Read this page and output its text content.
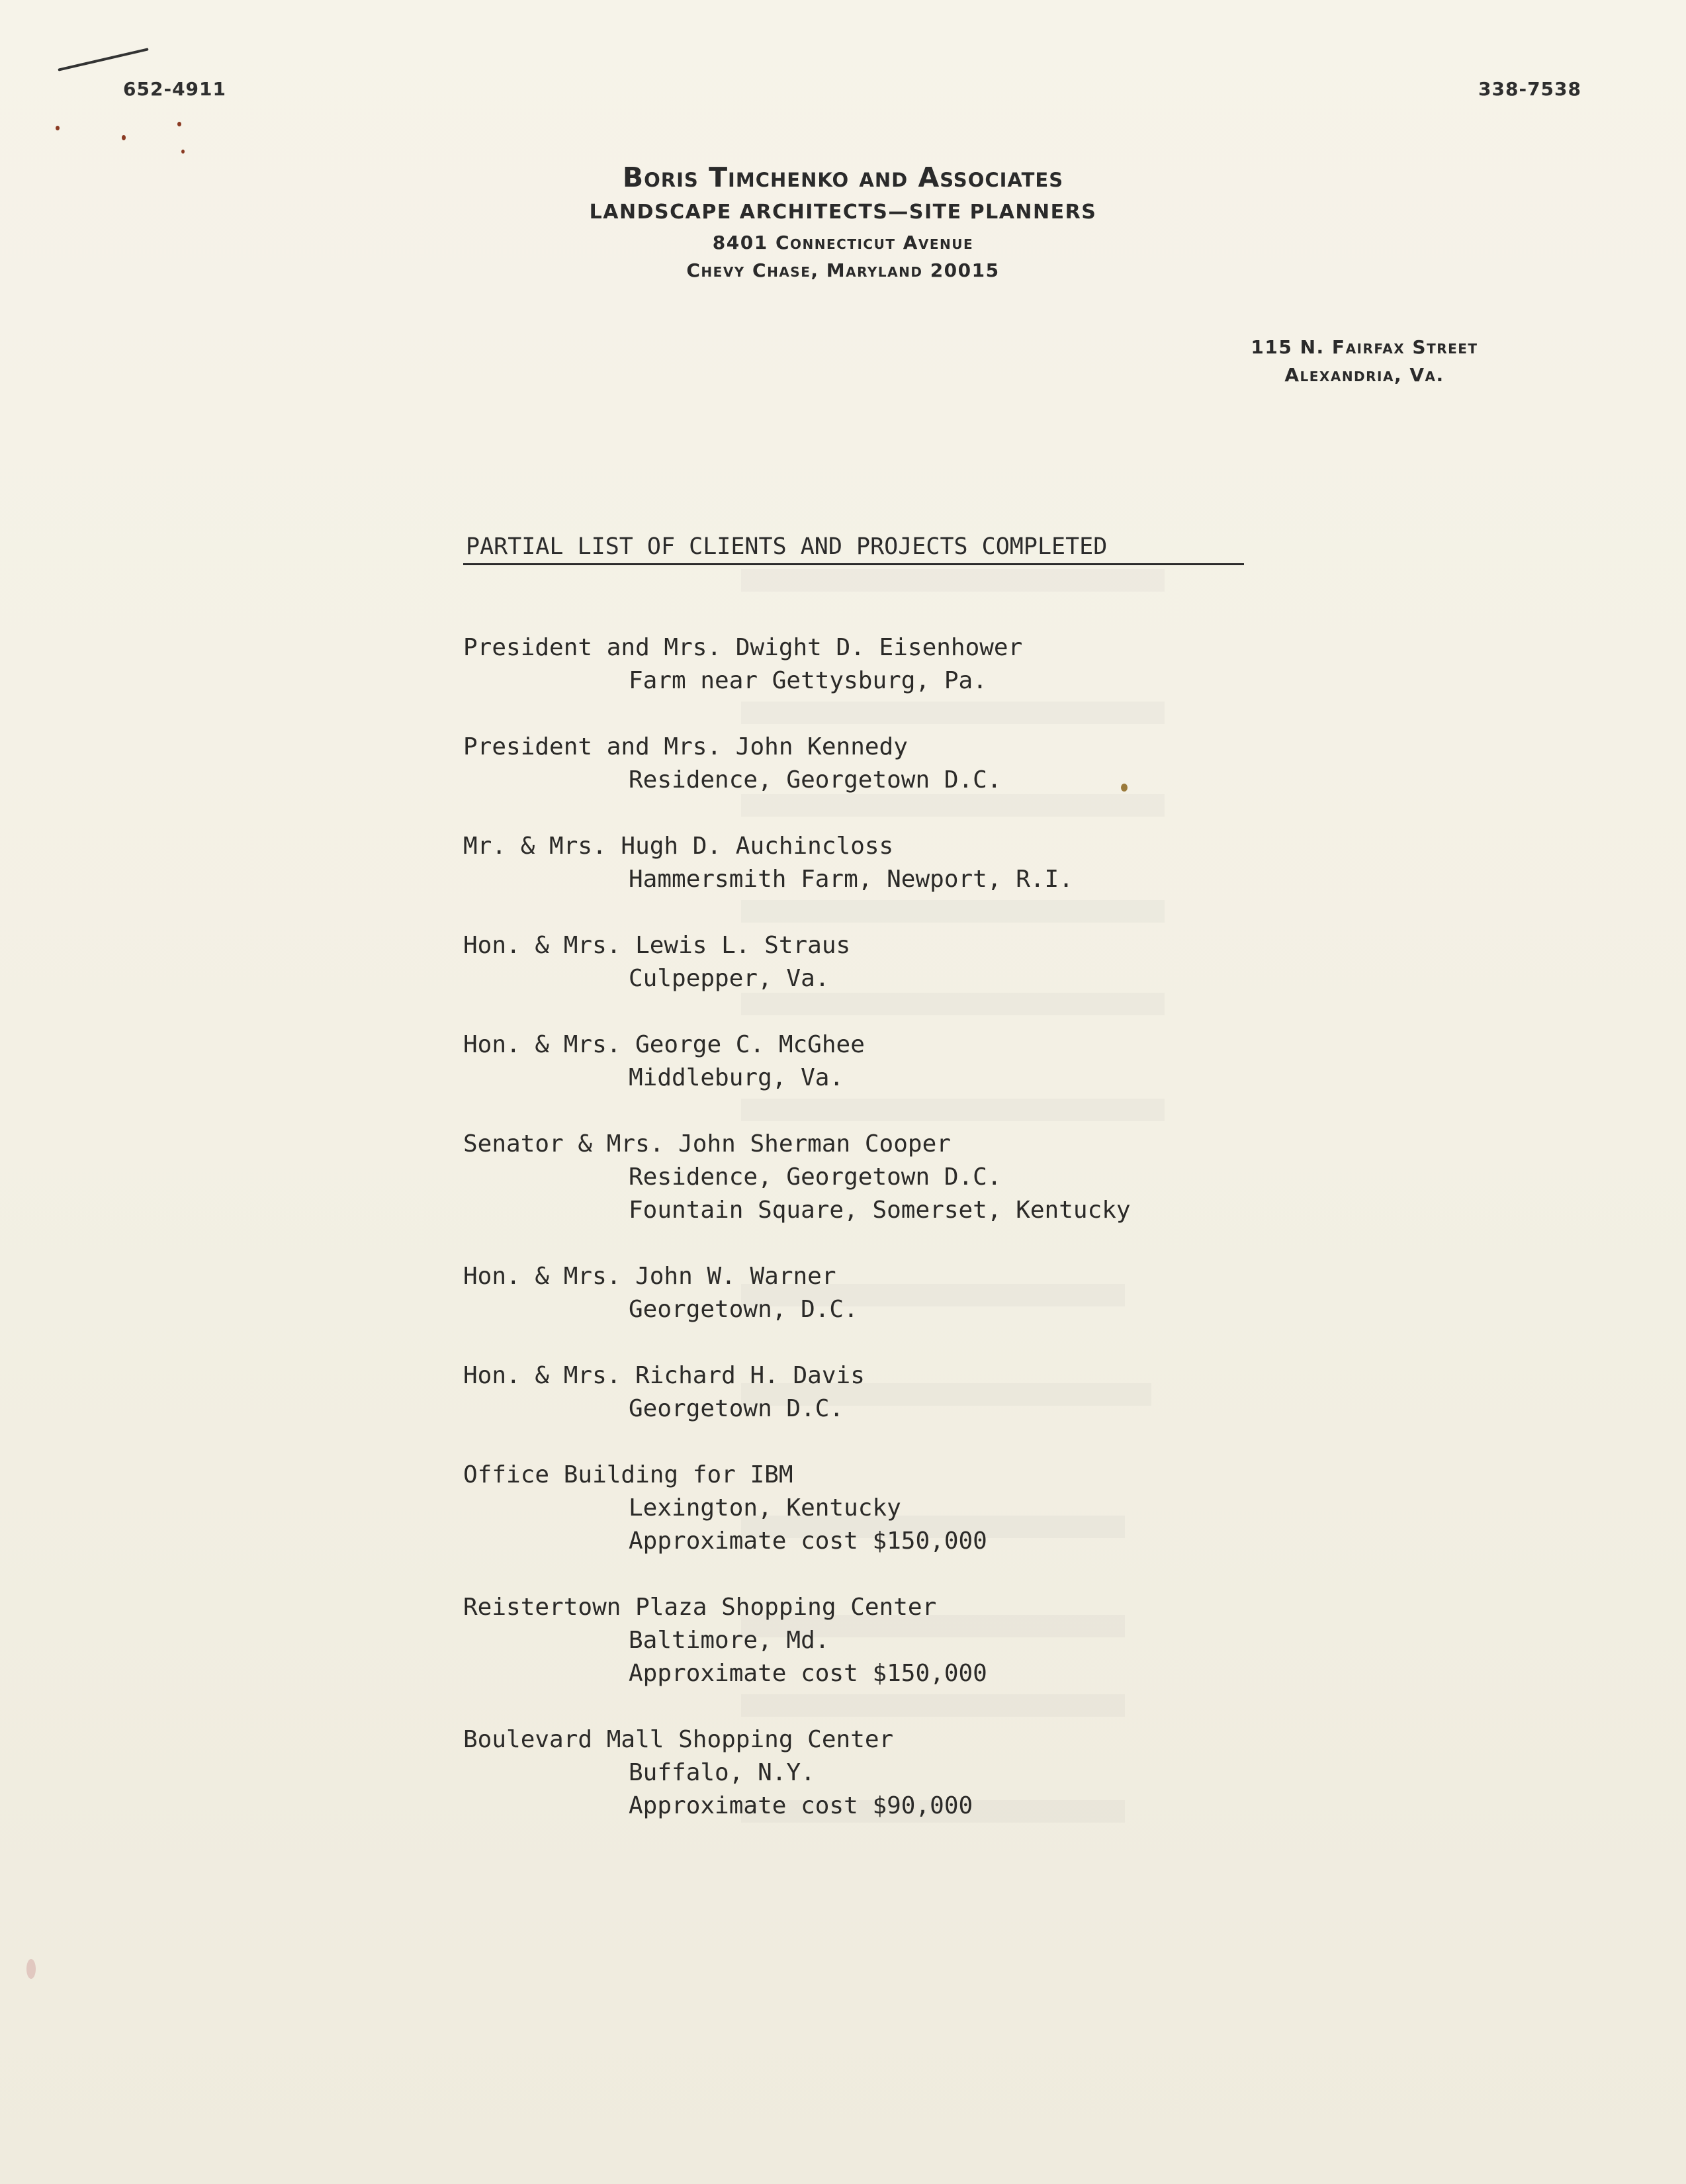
652-4911	338-7538
Boris Timchenko and Associates
LANDSCAPE ARCHITECTS—SITE PLANNERS
8401 Connecticut Avenue
Chevy Chase, Maryland 20015
115 N. Fairfax Street
Alexandria, Va.
PARTIAL LIST OF CLIENTS AND PROJECTS COMPLETED
President and Mrs. Dwight D. Eisenhower
Farm near Gettysburg, Pa.
President and Mrs. John Kennedy
Residence, Georgetown D.C.
Mr. & Mrs. Hugh D. Auchincloss
Hammersmith Farm, Newport, R.I.
Hon. & Mrs. Lewis L. Straus
Culpepper, Va.
Hon. & Mrs. George C. McGhee
Middleburg, Va.
Senator & Mrs. John Sherman Cooper
Residence, Georgetown D.C.
Fountain Square, Somerset, Kentucky
Hon. & Mrs. John W. Warner
Georgetown, D.C.
Hon. & Mrs. Richard H. Davis
Georgetown D.C.
Office Building for IBM
Lexington, Kentucky
Approximate cost $150,000
Reistertown Plaza Shopping Center
Baltimore, Md.
Approximate cost $150,000
Boulevard Mall Shopping Center
Buffalo, N.Y.
Approximate cost $90,000
